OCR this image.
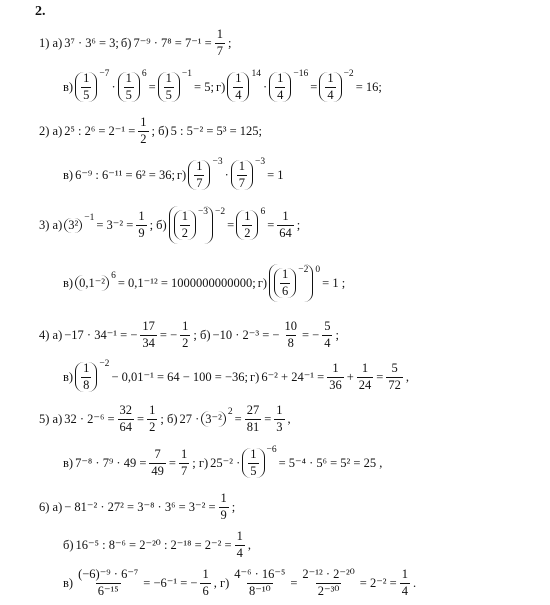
2.
1) а) 3⁷ · 3⁶ = 3; б) $7^{-9} \cdot 7^8 = 7^{-1} = \frac{1}{7}$ ;
$в) \frac{1}{5} -7$
· $\frac{1}{5} 6$
= $\frac{1}{5} -1$
= 5; $г) \frac{1}{4} 14$
· $\frac{1}{4} -16$
= $\frac{1}{4} -2$
= 16;
2) а) 2⁵ : $2^6 = 2^{-1} = \frac{1}{2}$ ; б) 5 : 5⁻² = 5³ = 125;
в) 6⁻⁹ : 6⁻¹¹ = 6² = 36; $г) \frac{1}{7} -3$
· $\frac{1}{7} -3$
= 1
3) а) $3^2 -1 = 3^{-2} = \frac{1}{9}$ ; $б) \frac{1}{2} -3 -2$
= $\frac{1}{2} 6$
= $\frac{1}{64}$ ;
в) 0,1⁻² 6 = 0,1⁻¹² = 1000000000000; $г) \frac{1}{6} -2$ 0
= 1 ;
4) а) −17 · 34⁻¹ = − $\frac{17}{34}$ = − $\frac{1}{2}$ ; б) −10 · 2⁻³ = − $\frac{10}{8}$ = − $\frac{5}{4}$ ;
$в) \frac{1}{8} -2$
− 0,01⁻¹ = 64 − 100 = −36; г) $6^{-2} + 24^{-1} = \frac{1}{36} + \frac{1}{24} = \frac{5}{72}$ ,
5) а) $32 \cdot 2^{-6} = \frac{32}{64} = \frac{1}{2}$ ; б) 27 · 3⁻² $2 = \frac{27}{81} = \frac{1}{3}$ ,
в) $7^{-8} \cdot 7^9 \cdot 49 = \frac{7}{49} = \frac{1}{7}$ ; г) $25^{-2} \cdot \frac{1}{5} -6$
= 5⁻⁴ · 5⁶ = 5² = 25 ,
6) $а) - 81^{-2} \cdot 27^2 = 3^{-8} \cdot 3^6 = 3^{-2} = \frac{1}{9}$ ;
б) 16⁻⁵ : 8⁻⁶ = 2⁻²⁰ : $2^{-18} = 2^{-2} = \frac{1}{4}$ ,
$в) \frac{\text{(−6)⁻⁹ · 6⁻⁷}}{\text{6⁻¹⁵}} = -6^{-1}$ = − $\frac{1}{6}$ , $г) \frac{\text{4⁻⁶ · 16⁻⁵}}{\text{8⁻¹⁰}} = \frac{\text{2⁻¹² · 2⁻²⁰}}{\text{2⁻³⁰}} = 2^{-2} = \frac{1}{4}$ .
